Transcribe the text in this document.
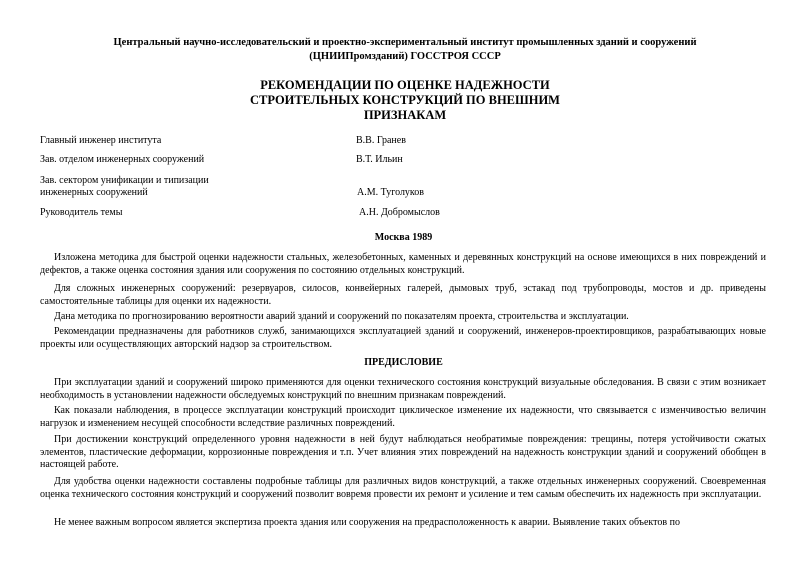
Центральный научно-исследовательский и проектно-экспериментальный институт промышленных зданий и сооружений
(ЦНИИПромзданий) ГОССТРОЯ СССР
РЕКОМЕНДАЦИИ ПО ОЦЕНКЕ НАДЕЖНОСТИ
СТРОИТЕЛЬНЫХ КОНСТРУКЦИЙ ПО ВНЕШНИМ
ПРИЗНАКАМ
Главный инженер института	В.В. Гранев
Зав. отделом инженерных сооружений	В.Т. Ильин
Зав. сектором унификации и типизации
инженерных сооружений	А.М. Туголуков
Руководитель темы	А.Н. Добромыслов
Москва 1989

Изложена методика для быстрой оценки надежности стальных, железобетонных, каменных и деревянных конструкций на основе имеющихся в них повреждений и дефектов, а также оценка состояния здания или сооружения по состоянию отдельных конструкций.

Для сложных инженерных сооружений: резервуаров, силосов, конвейерных галерей, дымовых труб, эстакад под трубопроводы, мостов и др. приведены самостоятельные таблицы для оценки их надежности.

Дана методика по прогнозированию вероятности аварий зданий и сооружений по показателям проекта, строительства и эксплуатации.

Рекомендации предназначены для работников служб, занимающихся эксплуатацией зданий и сооружений, инженеров-проектировщиков, разрабатывающих новые проекты или осуществляющих авторский надзор за строительством.

ПРЕДИСЛОВИЕ

При эксплуатации зданий и сооружений широко применяются для оценки технического состояния конструкций визуальные обследования. В связи с этим возникает необходимость в установлении надежности обследуемых конструкций по внешним признакам повреждений.

Как показали наблюдения, в процессе эксплуатации конструкций происходит циклическое изменение их надежности, что связывается с изменчивостью величин нагрузок и изменением несущей способности вследствие различных повреждений.

При достижении конструкций определенного уровня надежности в ней будут наблюдаться необратимые повреждения: трещины, потеря устойчивости сжатых элементов, пластические деформации, коррозионные повреждения и т.п. Учет влияния этих повреждений на надежность конструкции зданий и сооружений обобщен в настоящей работе.

Для удобства оценки надежности составлены подробные таблицы для различных видов конструкций, а также отдельных инженерных сооружений. Своевременная оценка технического состояния конструкций и сооружений позволит вовремя провести их ремонт и усиление и тем самым обеспечить их надежность при эксплуатации.

Не менее важным вопросом является экспертиза проекта здания или сооружения на предрасположенность к аварии. Выявление таких объектов по
